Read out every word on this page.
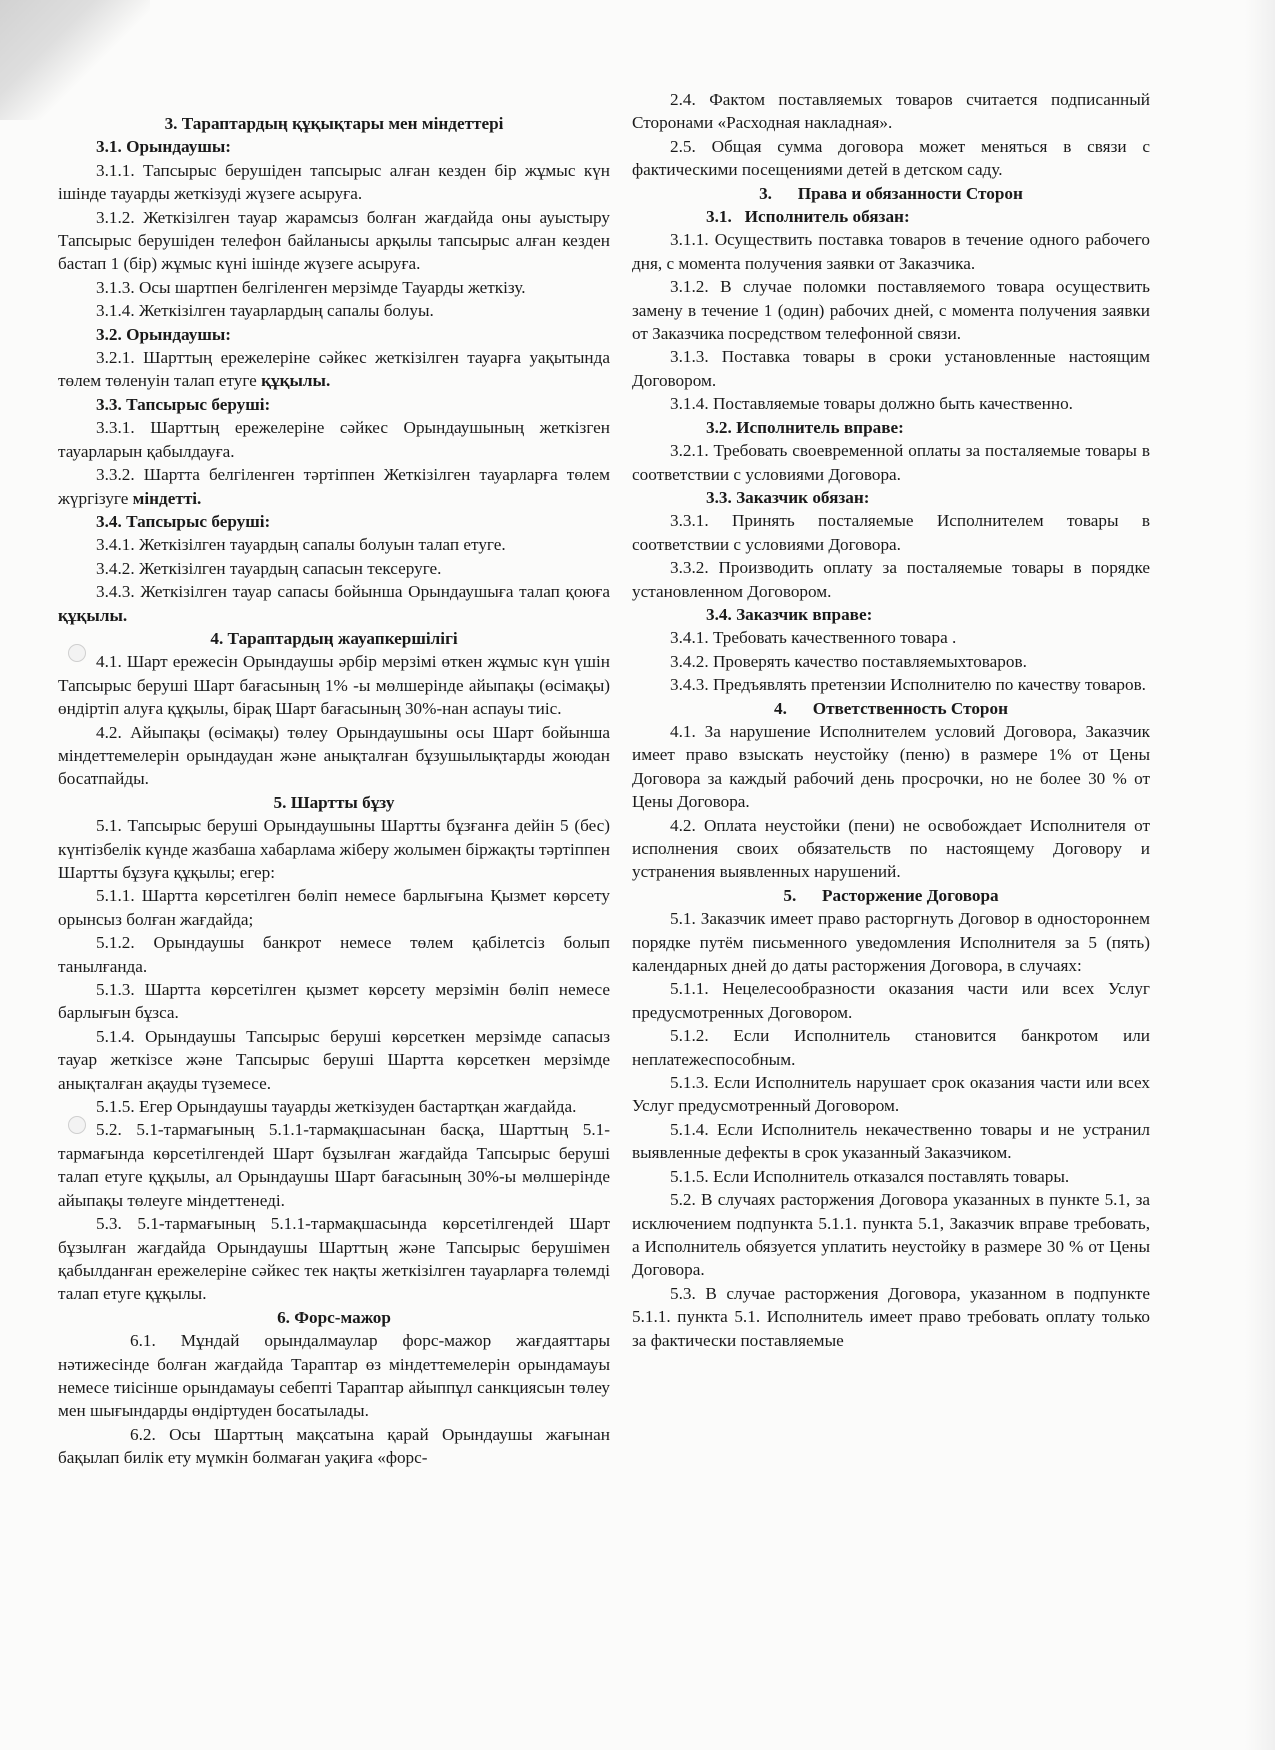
3. Тараптардың құқықтары мен міндеттері

3.1. Орындаушы:

3.1.1. Тапсырыс берушіден тапсырыс алған кезден бір жұмыс күн ішінде тауарды жеткізуді жүзеге асыруға.

3.1.2. Жеткізілген тауар жарамсыз болған жағдайда оны ауыстыру Тапсырыс берушіден телефон байланысы арқылы тапсырыс алған кезден бастап 1 (бір) жұмыс күні ішінде жүзеге асыруға.

3.1.3. Осы шартпен белгіленген мерзімде Тауарды жеткізу.

3.1.4. Жеткізілген тауарлардың сапалы болуы.

3.2. Орындаушы:

3.2.1. Шарттың ережелеріне сәйкес жеткізілген тауарға уақытында төлем төленуін талап етуге құқылы.

3.3. Тапсырыс беруші:

3.3.1. Шарттың ережелеріне сәйкес Орындаушының жеткізген тауарларын қабылдауға.

3.3.2. Шартта белгіленген тәртіппен Жеткізілген тауарларға төлем жүргізуге міндетті.

3.4. Тапсырыс беруші:

3.4.1. Жеткізілген тауардың сапалы болуын талап етуге.

3.4.2. Жеткізілген тауардың сапасын тексеруге.

3.4.3. Жеткізілген тауар сапасы бойынша Орындаушыға талап қоюға құқылы.

4. Тараптардың жауапкершілігі

4.1. Шарт ережесін Орындаушы әрбір мерзімі өткен жұмыс күн үшін Тапсырыс беруші Шарт бағасының 1% -ы мөлшерінде айыпақы (өсімақы) өндіртіп алуға құқылы, бірақ Шарт бағасының 30%-нан аспауы тиіс.

4.2. Айыпақы (өсімақы) төлеу Орындаушыны осы Шарт бойынша міндеттемелерін орындаудан және анықталған бұзушылықтарды жоюдан босатпайды.

5. Шартты бұзу

5.1. Тапсырыс беруші Орындаушыны Шартты бұзғанға дейін 5 (бес) күнтізбелік күнде жазбаша хабарлама жіберу жолымен біржақты тәртіппен Шартты бұзуға құқылы; егер:

5.1.1. Шартта көрсетілген бөліп немесе барлығына Қызмет көрсету орынсыз болған жағдайда;

5.1.2. Орындаушы банкрот немесе төлем қабілетсіз болып танылғанда.

5.1.3. Шартта көрсетілген қызмет көрсету мерзімін бөліп немесе барлығын бұзса.

5.1.4. Орындаушы Тапсырыс беруші көрсеткен мерзімде сапасыз тауар жеткізсе және Тапсырыс беруші Шартта көрсеткен мерзімде анықталған ақауды түземесе.

5.1.5. Егер Орындаушы тауарды жеткізуден бастартқан жағдайда.

5.2. 5.1-тармағының 5.1.1-тармақшасынан басқа, Шарттың 5.1-тармағында көрсетілгендей Шарт бұзылған жағдайда Тапсырыс беруші талап етуге құқылы, ал Орындаушы Шарт бағасының 30%-ы мөлшерінде айыпақы төлеуге міндеттенеді.

5.3. 5.1-тармағының 5.1.1-тармақшасында көрсетілгендей Шарт бұзылған жағдайда Орындаушы Шарттың және Тапсырыс берушімен қабылданған ережелеріне сәйкес тек нақты жеткізілген тауарларға төлемді талап етуге құқылы.

6. Форс-мажор

6.1. Мұндай орындалмаулар форс-мажор жағдаяттары нәтижесінде болған жағдайда Тараптар өз міндеттемелерін орындамауы немесе тиісінше орындамауы себепті Тараптар айыппұл санкциясын төлеу мен шығындарды өндіртуден босатылады.

6.2. Осы Шарттың мақсатына қарай Орындаушы жағынан бақылап билік ету мүмкін болмаған уақиға «форс-

2.4. Фактом поставляемых товаров считается подписанный Сторонами «Расходная накладная».

2.5. Общая сумма договора может меняться в связи с фактическими посещениями детей в детском саду.

3.      Права и обязанности Сторон

3.1.   Исполнитель обязан:

3.1.1. Осуществить поставка товаров в течение одного рабочего дня, с момента получения заявки от Заказчика.

3.1.2. В случае поломки поставляемого товара осуществить замену в течение 1 (один) рабочих дней, с момента получения заявки от Заказчика посредством телефонной связи.

3.1.3. Поставка товары в сроки установленные настоящим Договором.

3.1.4. Поставляемые товары должно быть качественно.

3.2. Исполнитель вправе:

3.2.1. Требовать своевременной оплаты за посталяемые товары в соответствии с условиями Договора.

3.3. Заказчик обязан:

3.3.1. Принять посталяемые Исполнителем товары в соответствии с условиями Договора.

3.3.2. Производить оплату за посталяемые товары в порядке установленном Договором.

3.4. Заказчик вправе:

3.4.1. Требовать качественного товара .

3.4.2. Проверять качество поставляемыхтоваров.

3.4.3. Предъявлять претензии Исполнителю по качеству товаров.

4.      Ответственность Сторон

4.1. За нарушение Исполнителем условий Договора, Заказчик имеет право взыскать неустойку (пеню) в размере 1% от Цены Договора за каждый рабочий день просрочки, но не более 30 % от Цены Договора.

4.2. Оплата неустойки (пени) не освобождает Исполнителя от исполнения своих обязательств по настоящему Договору и устранения выявленных нарушений.

5.      Расторжение Договора

5.1. Заказчик имеет право расторгнуть Договор в одностороннем порядке путём письменного уведомления Исполнителя за 5 (пять) календарных дней до даты расторжения Договора, в случаях:

5.1.1. Нецелесообразности оказания части или всех Услуг предусмотренных Договором.

5.1.2. Если Исполнитель становится банкротом или неплатежеспособным.

5.1.3. Если Исполнитель нарушает срок оказания части или всех Услуг предусмотренный Договором.

5.1.4. Если Исполнитель некачественно товары и не устранил выявленные дефекты в срок указанный Заказчиком.

5.1.5. Если Исполнитель отказался поставлять товары.

5.2. В случаях расторжения Договора указанных в пункте 5.1, за исключением подпункта 5.1.1. пункта 5.1, Заказчик вправе требовать, а Исполнитель обязуется уплатить неустойку в размере 30 % от Цены Договора.

5.3. В случае расторжения Договора, указанном в подпункте 5.1.1. пункта 5.1. Исполнитель имеет право требовать оплату только за фактически поставляемые
